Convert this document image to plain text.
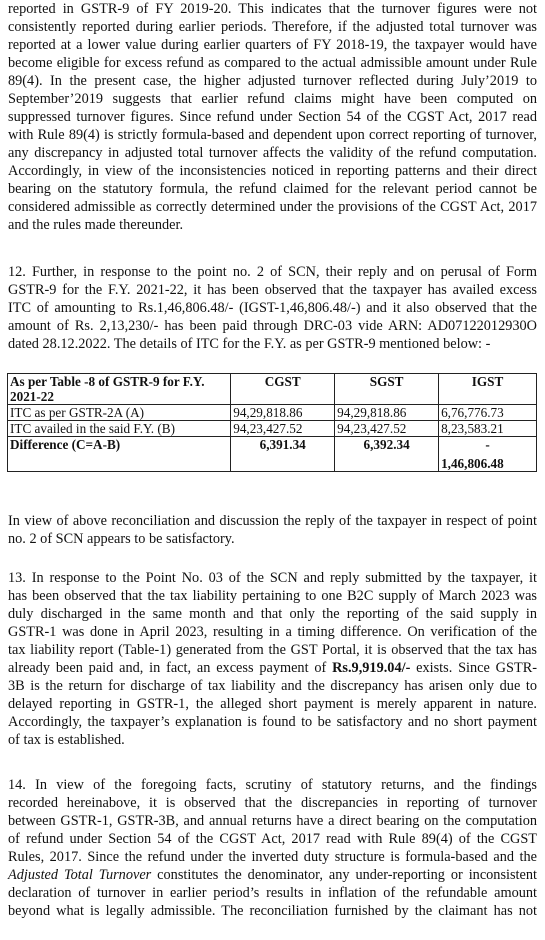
reported in GSTR-9 of FY 2019-20. This indicates that the turnover figures were not
consistently reported during earlier periods. Therefore, if the adjusted total turnover was
reported at a lower value during earlier quarters of FY 2018-19, the taxpayer would have
become eligible for excess refund as compared to the actual admissible amount under Rule
89(4). In the present case, the higher adjusted turnover reflected during July’2019 to
September’2019 suggests that earlier refund claims might have been computed on
suppressed turnover figures. Since refund under Section 54 of the CGST Act, 2017 read
with Rule 89(4) is strictly formula-based and dependent upon correct reporting of turnover,
any discrepancy in adjusted total turnover affects the validity of the refund computation.
Accordingly, in view of the inconsistencies noticed in reporting patterns and their direct
bearing on the statutory formula, the refund claimed for the relevant period cannot be
considered admissible as correctly determined under the provisions of the CGST Act, 2017
and the rules made thereunder.
12. Further, in response to the point no. 2 of SCN, their reply and on perusal of Form
GSTR-9 for the F.Y. 2021-22, it has been observed that the taxpayer has availed excess
ITC of amounting to Rs.1,46,806.48/- (IGST-1,46,806.48/-) and it also observed that the
amount of Rs. 2,13,230/- has been paid through DRC-03 vide ARN: AD07122012930O
dated 28.12.2022. The details of ITC for the F.Y. as per GSTR-9 mentioned below: -
As per Table -8 of GSTR-9 for F.Y. 2021-22	CGST	SGST	IGST
ITC as per GSTR-2A (A)	94,29,818.86	94,29,818.86	6,76,776.73
ITC availed in the said F.Y. (B)	94,23,427.52	94,23,427.52	8,23,583.21
Difference (C=A-B)	6,391.34	6,392.34	-
1,46,806.48
In view of above reconciliation and discussion the reply of the taxpayer in respect of point
no. 2 of SCN appears to be satisfactory.
13. In response to the Point No. 03 of the SCN and reply submitted by the taxpayer, it
has been observed that the tax liability pertaining to one B2C supply of March 2023 was
duly discharged in the same month and that only the reporting of the said supply in
GSTR-1 was done in April 2023, resulting in a timing difference. On verification of the
tax liability report (Table-1) generated from the GST Portal, it is observed that the tax has
already been paid and, in fact, an excess payment of Rs.9,919.04/- exists. Since GSTR-
3B is the return for discharge of tax liability and the discrepancy has arisen only due to
delayed reporting in GSTR-1, the alleged short payment is merely apparent in nature.
Accordingly, the taxpayer’s explanation is found to be satisfactory and no short payment
of tax is established.
14. In view of the foregoing facts, scrutiny of statutory returns, and the findings
recorded hereinabove, it is observed that the discrepancies in reporting of turnover
between GSTR-1, GSTR-3B, and annual returns have a direct bearing on the computation
of refund under Section 54 of the CGST Act, 2017 read with Rule 89(4) of the CGST
Rules, 2017. Since the refund under the inverted duty structure is formula-based and the
Adjusted Total Turnover constitutes the denominator, any under-reporting or inconsistent
declaration of turnover in earlier period’s results in inflation of the refundable amount
beyond what is legally admissible. The reconciliation furnished by the claimant has not
